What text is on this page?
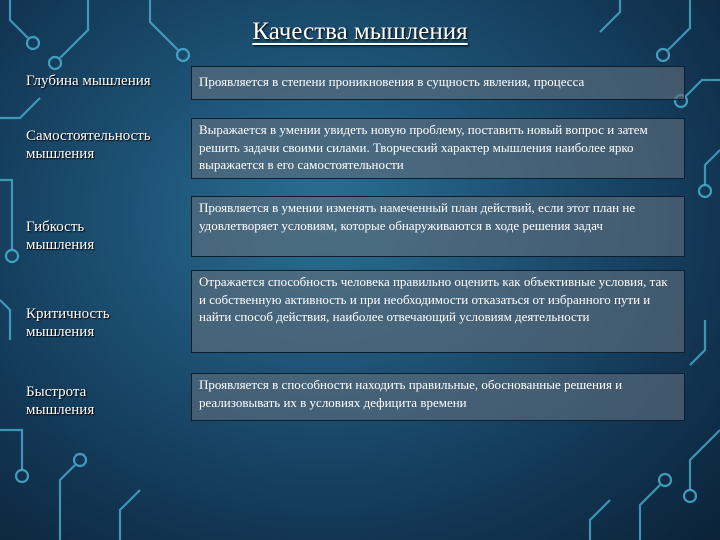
Качества мышления
Глубина мышления	Проявляется в степени проникновения в сущность явления, процесса
Самостоятельность
мышления
Выражается в умении увидеть новую проблему, поставить новый вопрос и затем решить задачи своими силами. Творческий характер мышления наиболее ярко выражается в его самостоятельности
Гибкость
мышления
Проявляется в умении изменять намеченный план действий, если этот план не удовлетворяет условиям, которые обнаруживаются в ходе решения задач
Критичность
мышления
Отражается способность человека правильно оценить как объективные условия, так и собственную активность и при необходимости отказаться от избранного пути и найти способ действия, наиболее отвечающий условиям деятельности
Быстрота
мышления
Проявляется в способности находить правильные, обоснованные решения и реализовывать их в условиях дефицита времени
